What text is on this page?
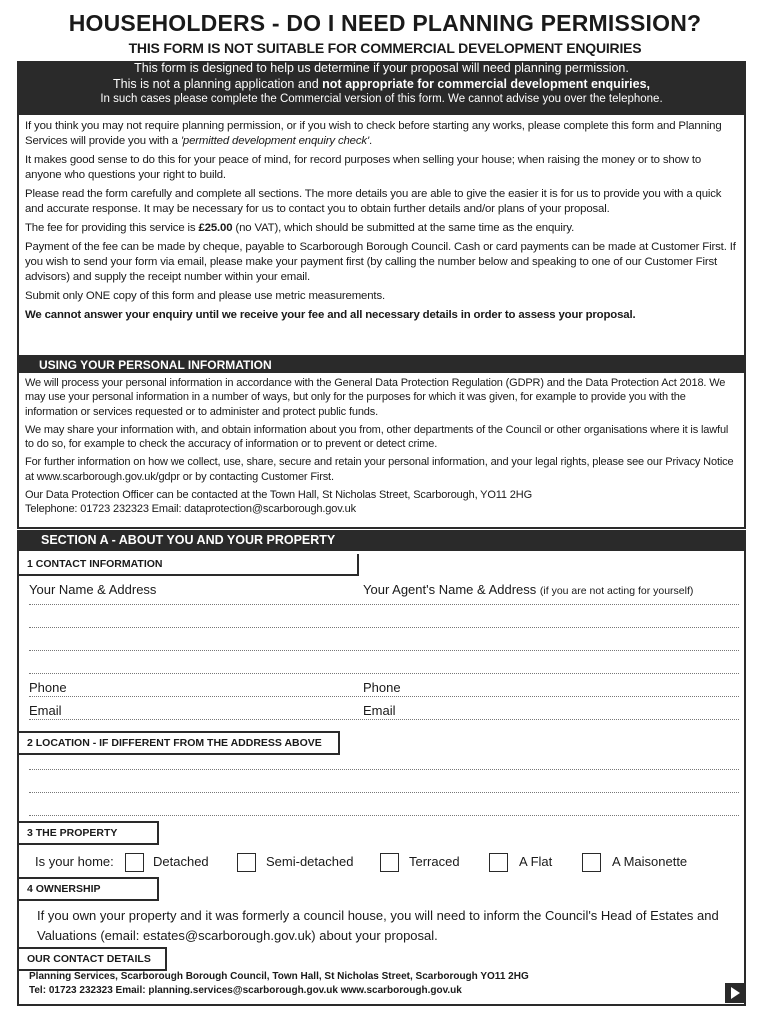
HOUSEHOLDERS - DO I NEED PLANNING PERMISSION?
THIS FORM IS NOT SUITABLE FOR COMMERCIAL DEVELOPMENT ENQUIRIES
This form is designed to help us determine if your proposal will need planning permission.
This is not a planning application and not appropriate for commercial development enquiries,
In such cases please complete the Commercial version of this form. We cannot advise you over the telephone.

If you think you may not require planning permission, or if you wish to check before starting any works, please complete this form and Planning Services will provide you with a 'permitted development enquiry check'.

It makes good sense to do this for your peace of mind, for record purposes when selling your house; when raising the money or to show to anyone who questions your right to build.

Please read the form carefully and complete all sections. The more details you are able to give the easier it is for us to provide you with a quick and accurate response. It may be necessary for us to contact you to obtain further details and/or plans of your proposal.

The fee for providing this service is £25.00 (no VAT), which should be submitted at the same time as the enquiry.

Payment of the fee can be made by cheque, payable to Scarborough Borough Council. Cash or card payments can be made at Customer First. If you wish to send your form via email, please make your payment first (by calling the number below and speaking to one of our Customer First advisors) and supply the receipt number within your email.

Submit only ONE copy of this form and please use metric measurements.

We cannot answer your enquiry until we receive your fee and all necessary details in order to assess your proposal.

USING YOUR PERSONAL INFORMATION

We will process your personal information in accordance with the General Data Protection Regulation (GDPR) and the Data Protection Act 2018. We may use your personal information in a number of ways, but only for the purposes for which it was given, for example to provide you with the information or services requested or to administer and protect public funds.

We may share your information with, and obtain information about you from, other departments of the Council or other organisations where it is lawful to do so, for example to check the accuracy of information or to prevent or detect crime.

For further information on how we collect, use, share, secure and retain your personal information, and your legal rights, please see our Privacy Notice at www.scarborough.gov.uk/gdpr or by contacting Customer First.

Our Data Protection Officer can be contacted at the Town Hall, St Nicholas Street, Scarborough, YO11 2HG
Telephone: 01723 232323 Email: dataprotection@scarborough.gov.uk

SECTION A - ABOUT YOU AND YOUR PROPERTY
1 CONTACT INFORMATION
Your Name & Address	Your Agent's Name & Address (if you are not acting for yourself)
Phone	Phone
Email	Email
2 LOCATION - IF DIFFERENT FROM THE ADDRESS ABOVE
3 THE PROPERTY
Is your home:	Detached	Semi-detached	Terraced	A Flat	A Maisonette
4 OWNERSHIP
If you own your property and it was formerly a council house, you will need to inform the Council's Head of Estates and Valuations (email: estates@scarborough.gov.uk) about your proposal.
OUR CONTACT DETAILS
Planning Services, Scarborough Borough Council, Town Hall, St Nicholas Street, Scarborough YO11 2HG
Tel: 01723 232323 Email: planning.services@scarborough.gov.uk www.scarborough.gov.uk
